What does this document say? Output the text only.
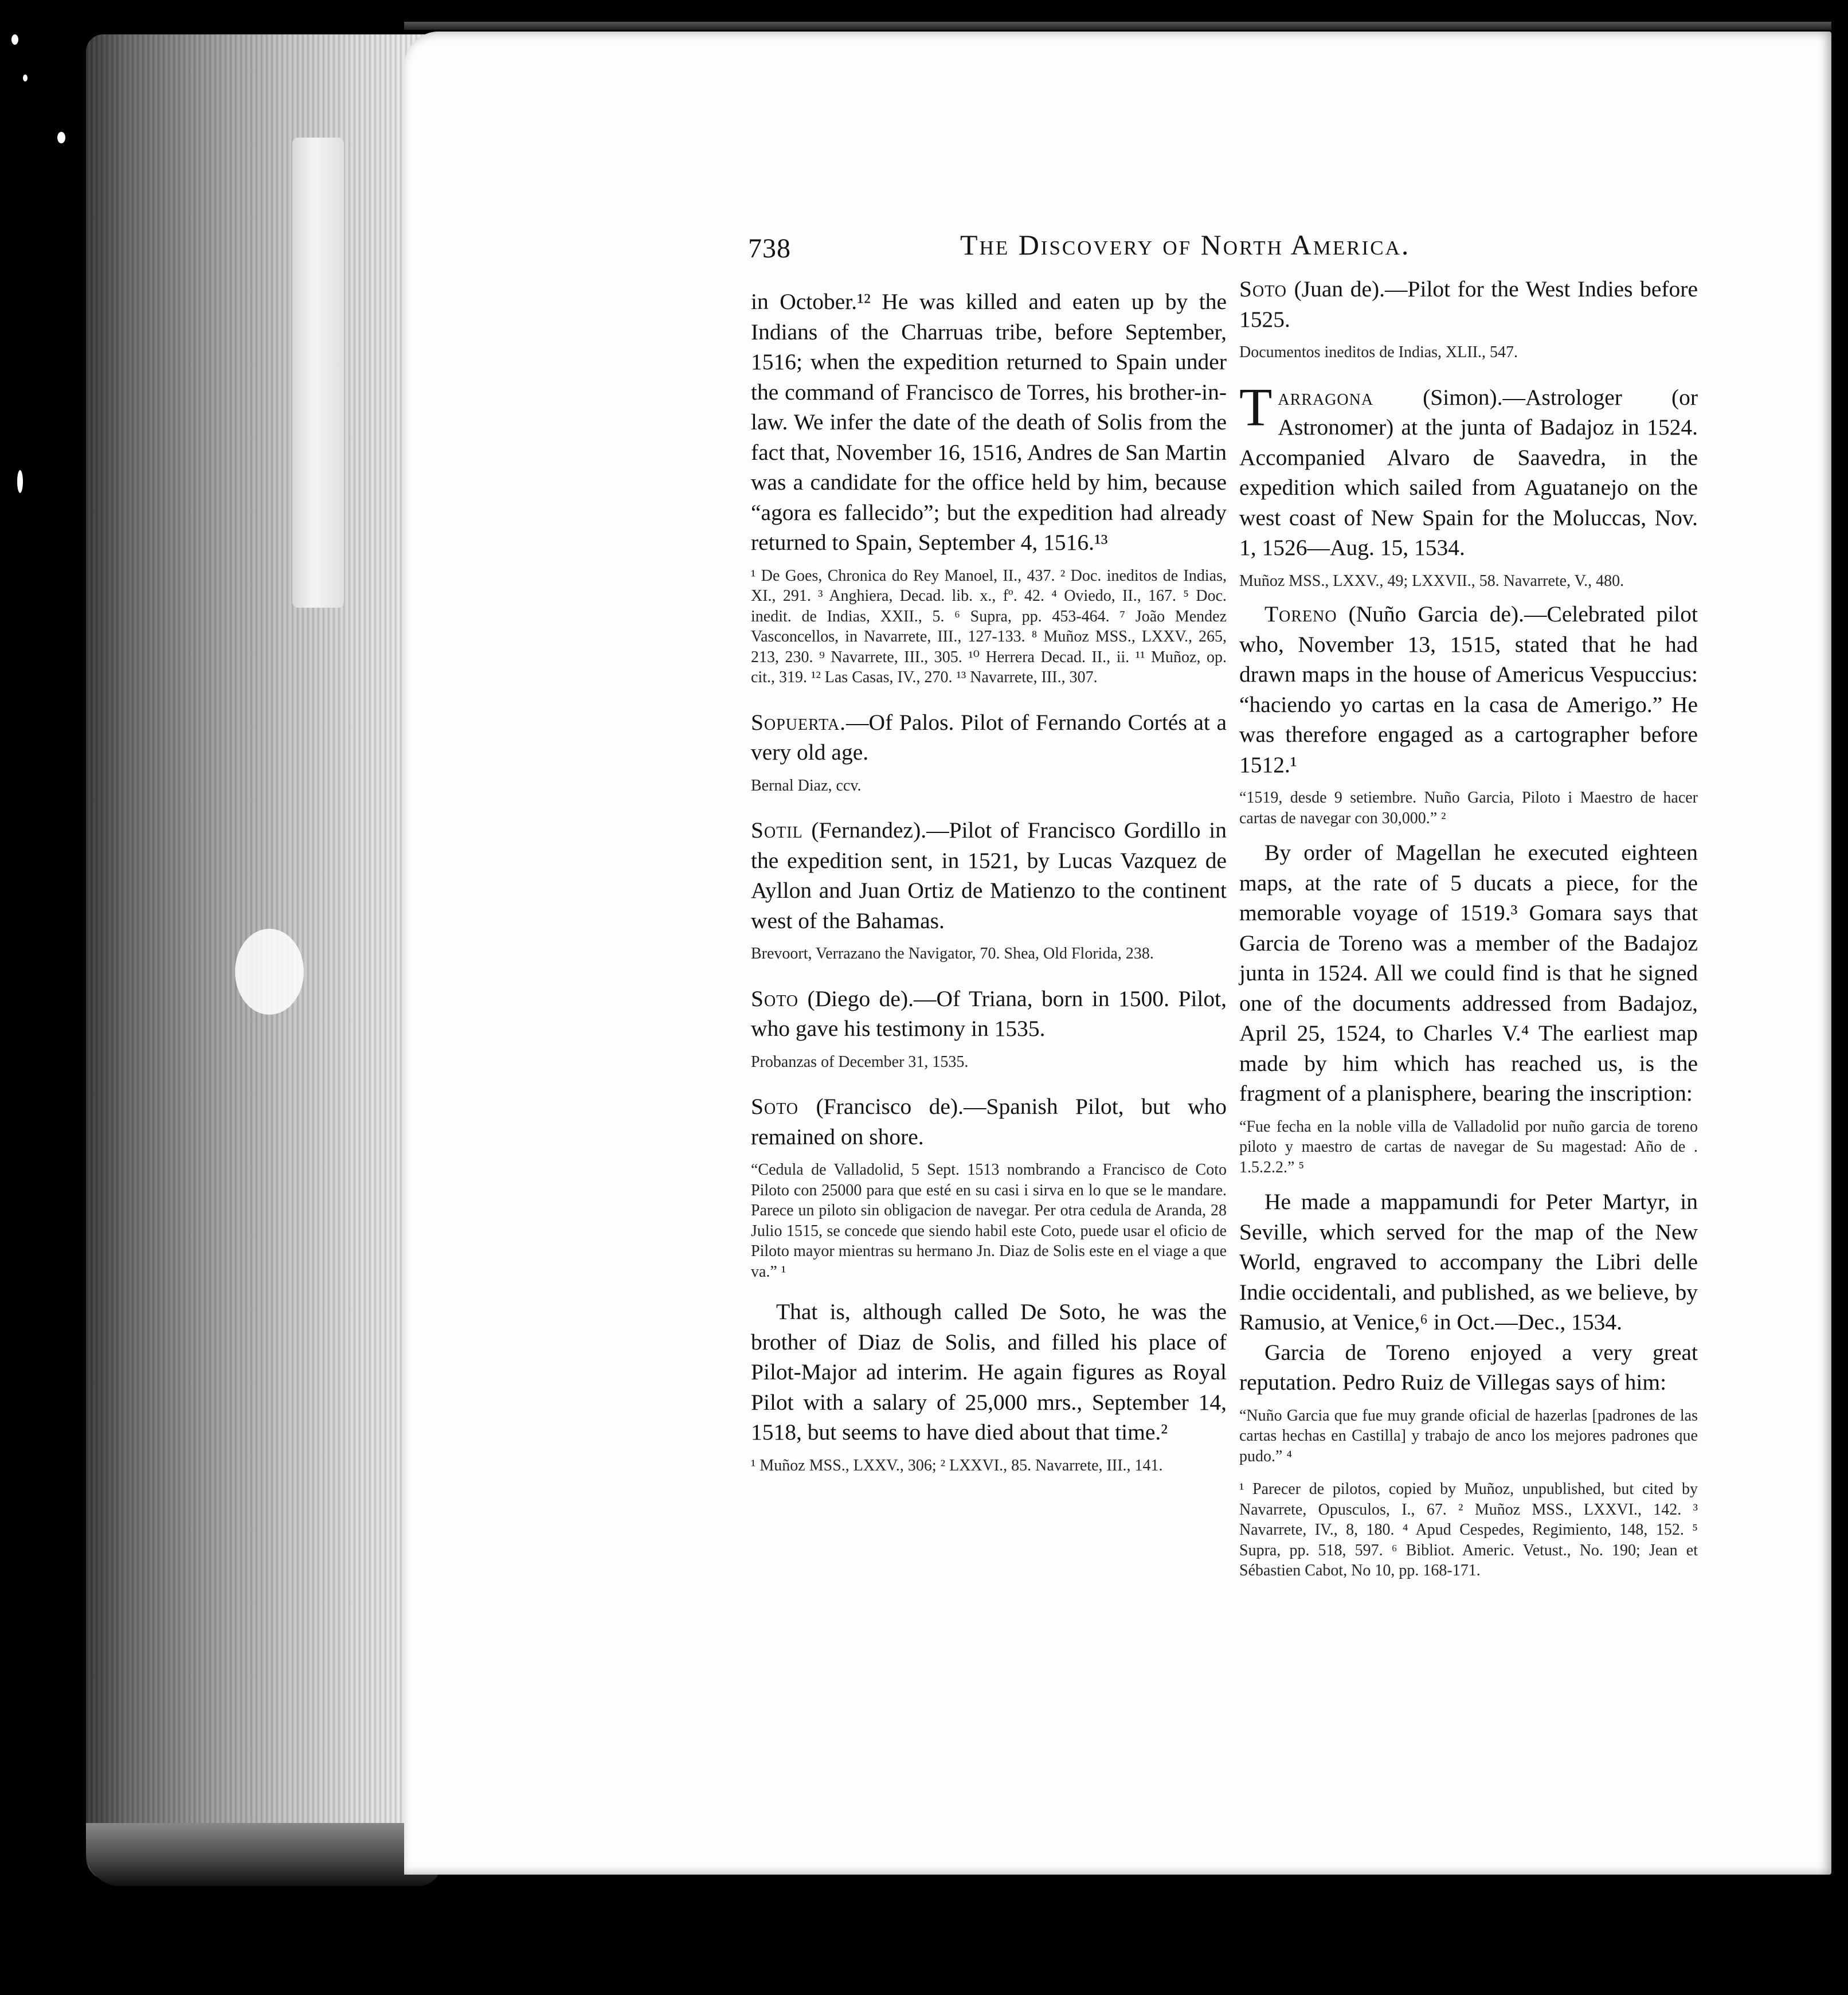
738	The Discovery of North America.

in October.¹² He was killed and eaten up by the Indians of the Charruas tribe, before September, 1516; when the expedition returned to Spain under the command of Francisco de Torres, his brother-in-law. We infer the date of the death of Solis from the fact that, November 16, 1516, Andres de San Martin was a candidate for the office held by him, because “agora es fallecido”; but the expedition had already returned to Spain, September 4, 1516.¹³

¹ De Goes, Chronica do Rey Manoel, II., 437. ² Doc. ineditos de Indias, XI., 291. ³ Anghiera, Decad. lib. x., fº. 42. ⁴ Oviedo, II., 167. ⁵ Doc. inedit. de Indias, XXII., 5. ⁶ Supra, pp. 453-464. ⁷ João Mendez Vasconcellos, in Navarrete, III., 127-133. ⁸ Muñoz MSS., LXXV., 265, 213, 230. ⁹ Navarrete, III., 305. ¹⁰ Herrera Decad. II., ii. ¹¹ Muñoz, op. cit., 319. ¹² Las Casas, IV., 270. ¹³ Navarrete, III., 307.

Sopuerta.—Of Palos. Pilot of Fernando Cortés at a very old age.

Bernal Diaz, ccv.

Sotil (Fernandez).—Pilot of Francisco Gordillo in the expedition sent, in 1521, by Lucas Vazquez de Ayllon and Juan Ortiz de Matienzo to the continent west of the Bahamas.

Brevoort, Verrazano the Navigator, 70. Shea, Old Florida, 238.

Soto (Diego de).—Of Triana, born in 1500. Pilot, who gave his testimony in 1535.

Probanzas of December 31, 1535.

Soto (Francisco de).—Spanish Pilot, but who remained on shore.

“Cedula de Valladolid, 5 Sept. 1513 nombrando a Francisco de Coto Piloto con 25000 para que esté en su casi i sirva en lo que se le mandare. Parece un piloto sin obligacion de navegar. Per otra cedula de Aranda, 28 Julio 1515, se concede que siendo habil este Coto, puede usar el oficio de Piloto mayor mientras su hermano Jn. Diaz de Solis este en el viage a que va.” ¹

That is, although called De Soto, he was the brother of Diaz de Solis, and filled his place of Pilot-Major ad interim. He again figures as Royal Pilot with a salary of 25,000 mrs., September 14, 1518, but seems to have died about that time.²

¹ Muñoz MSS., LXXV., 306; ² LXXVI., 85. Navarrete, III., 141.

Soto (Juan de).—Pilot for the West Indies before 1525.

Documentos ineditos de Indias, XLII., 547.

Tarragona (Simon).—Astrologer (or Astronomer) at the junta of Badajoz in 1524. Accompanied Alvaro de Saavedra, in the expedition which sailed from Aguatanejo on the west coast of New Spain for the Moluccas, Nov. 1, 1526—Aug. 15, 1534.

Muñoz MSS., LXXV., 49; LXXVII., 58. Navarrete, V., 480.

Toreno (Nuño Garcia de).—Celebrated pilot who, November 13, 1515, stated that he had drawn maps in the house of Americus Vespuccius: “haciendo yo cartas en la casa de Amerigo.” He was therefore engaged as a cartographer before 1512.¹

“1519, desde 9 setiembre. Nuño Garcia, Piloto i Maestro de hacer cartas de navegar con 30,000.” ²

By order of Magellan he executed eighteen maps, at the rate of 5 ducats a piece, for the memorable voyage of 1519.³ Gomara says that Garcia de Toreno was a member of the Badajoz junta in 1524. All we could find is that he signed one of the documents addressed from Badajoz, April 25, 1524, to Charles V.⁴ The earliest map made by him which has reached us, is the fragment of a planisphere, bearing the inscription:

“Fue fecha en la noble villa de Valladolid por nuño garcia de toreno piloto y maestro de cartas de navegar de Su magestad: Año de . 1.5.2.2.” ⁵

He made a mappamundi for Peter Martyr, in Seville, which served for the map of the New World, engraved to accompany the Libri delle Indie occidentali, and published, as we believe, by Ramusio, at Venice,⁶ in Oct.—Dec., 1534.

Garcia de Toreno enjoyed a very great reputation. Pedro Ruiz de Villegas says of him:

“Nuño Garcia que fue muy grande oficial de hazerlas [padrones de las cartas hechas en Castilla] y trabajo de anco los mejores padrones que pudo.” ⁴

¹ Parecer de pilotos, copied by Muñoz, unpublished, but cited by Navarrete, Opusculos, I., 67. ² Muñoz MSS., LXXVI., 142. ³ Navarrete, IV., 8, 180. ⁴ Apud Cespedes, Regimiento, 148, 152. ⁵ Supra, pp. 518, 597. ⁶ Bibliot. Americ. Vetust., No. 190; Jean et Sébastien Cabot, No 10, pp. 168-171.
